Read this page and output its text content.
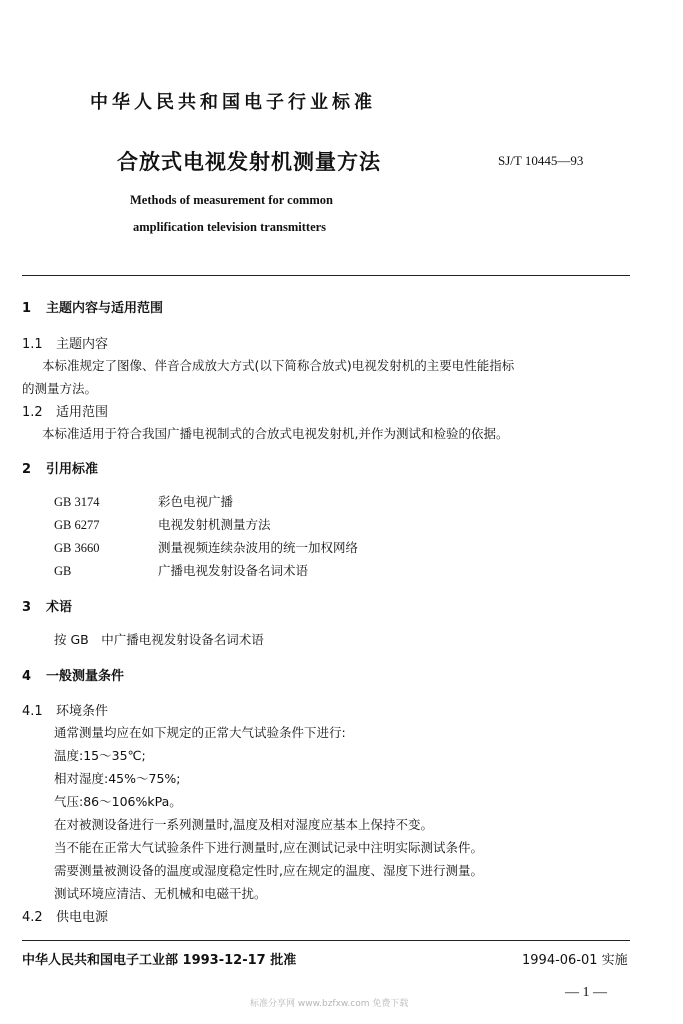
中华人民共和国电子行业标准
合放式电视发射机测量方法	SJ/T 10445—93
Methods of measurement for common
amplification television transmitters
1 主题内容与适用范围
1.1 主题内容
本标准规定了图像、伴音合成放大方式(以下简称合放式)电视发射机的主要电性能指标
的测量方法。
1.2 适用范围
本标准适用于符合我国广播电视制式的合放式电视发射机,并作为测试和检验的依据。
2 引用标准
GB 3174	彩色电视广播
GB 6277	电视发射机测量方法
GB 3660	测量视频连续杂波用的统一加权网络
GB	广播电视发射设备名词术语
3 术语
按 GB　中广播电视发射设备名词术语
4 一般测量条件
4.1 环境条件
通常测量均应在如下规定的正常大气试验条件下进行:
温度:15～35℃;
相对湿度:45%～75%;
气压:86～106%kPa。
在对被测设备进行一系列测量时,温度及相对湿度应基本上保持不变。
当不能在正常大气试验条件下进行测量时,应在测试记录中注明实际测试条件。
需要测量被测设备的温度或湿度稳定性时,应在规定的温度、湿度下进行测量。
测试环境应清洁、无机械和电磁干扰。
4.2 供电电源
中华人民共和国电子工业部 1993-12-17 批准	1994-06-01 实施
— 1 —
标准分享网 www.bzfxw.com 免费下载
